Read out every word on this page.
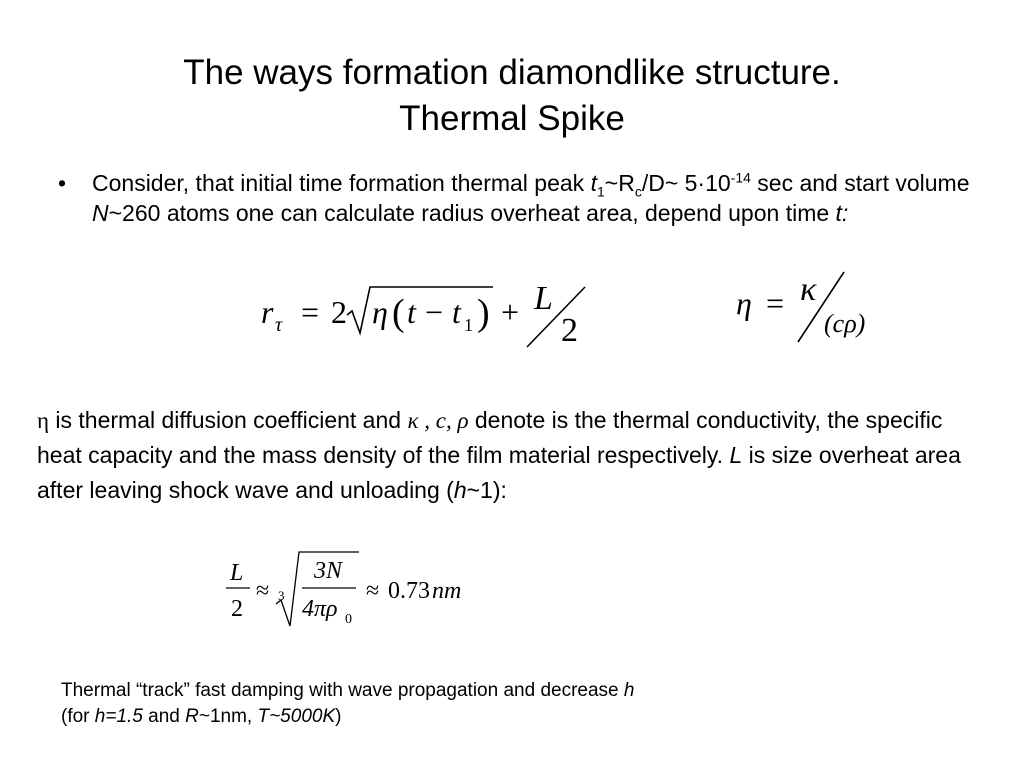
The ways formation diamondlike structure.
Thermal Spike
• Consider, that initial time formation thermal peak $t_1\sim R_c/D\sim$ $5\cdot 10^{-14}$ sec and start volume N~260 atoms one can calculate radius overheat area, depend upon time t:
r τ = 2 η ( t − t 1 ) + L
2
η = κ
(cρ)
η is thermal diffusion coefficient and κ , c, ρ denote is the thermal conductivity, the specific heat capacity and the mass density of the film material respectively. L is size overheat area after leaving shock wave and unloading (h~1):
L
2
≈ 3
3N
4πρ 0
≈ 0.73 nm
Thermal “track” fast damping with wave propagation and decrease h
(for h=1.5 and R~1nm, T~5000K)
